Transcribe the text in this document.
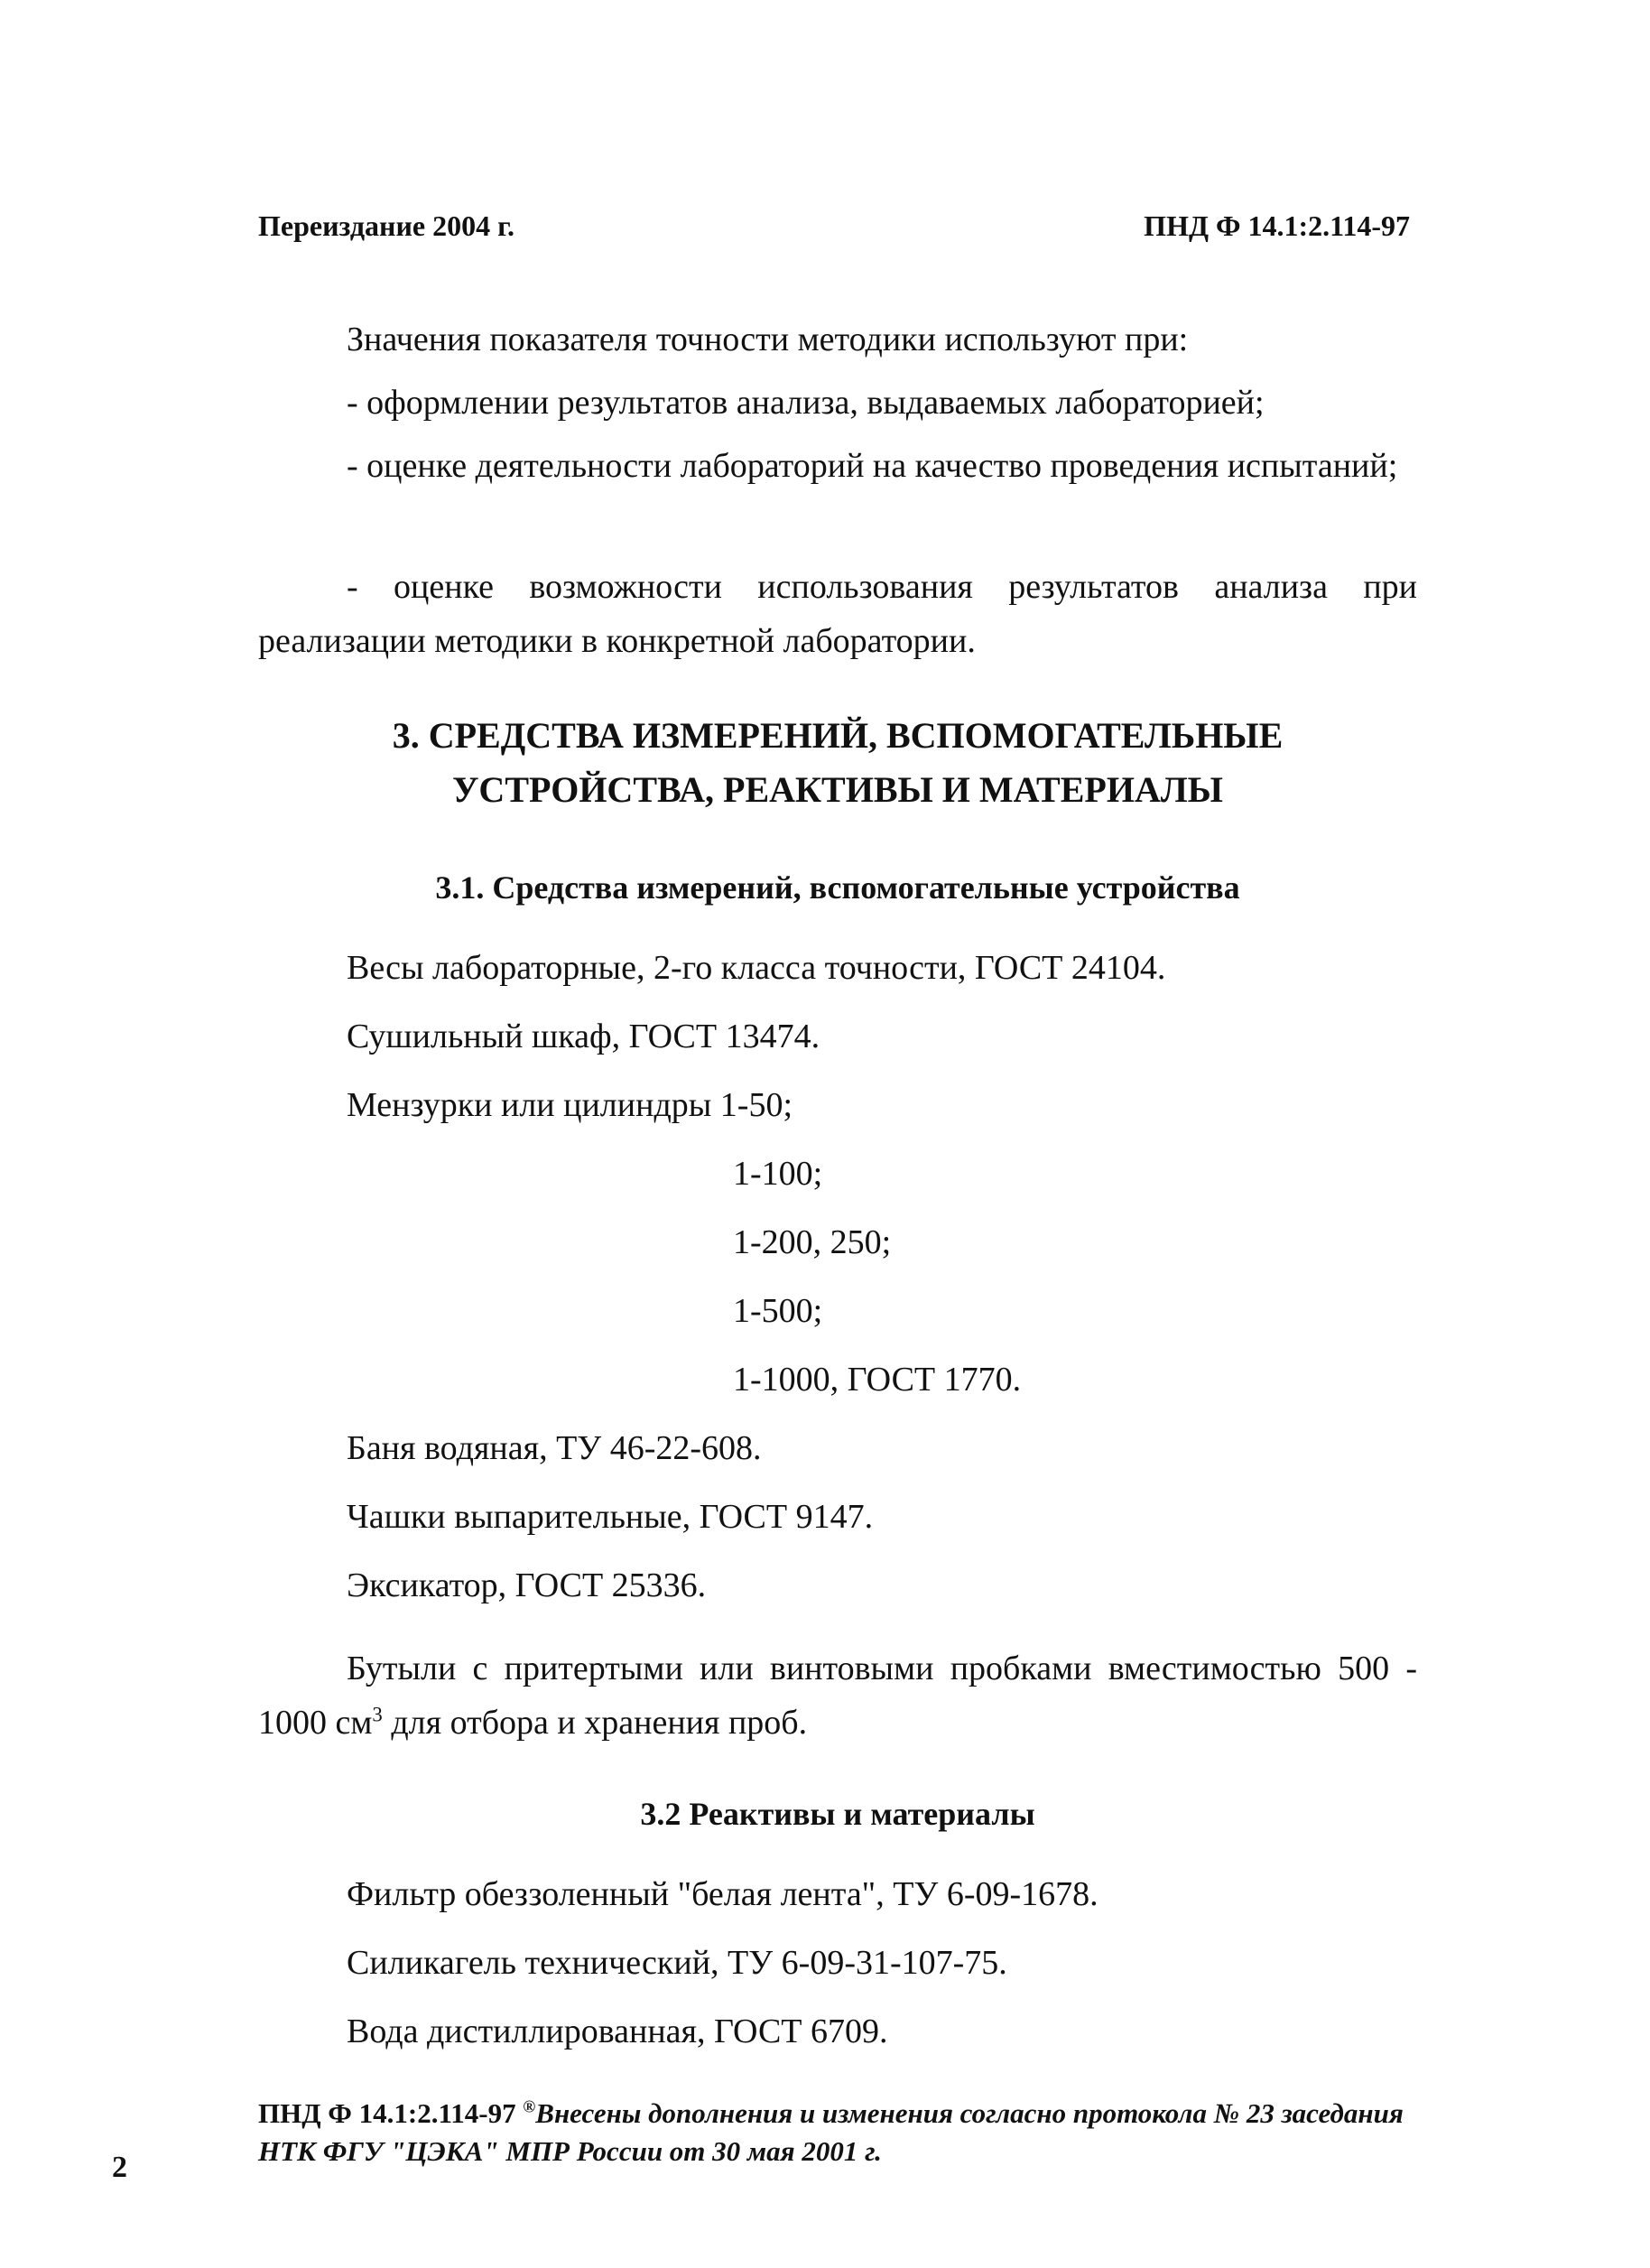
Переиздание 2004 г.	ПНД Ф 14.1:2.114-97
Значения показателя точности методики используют при:
- оформлении результатов анализа, выдаваемых лабораторией;
- оценке деятельности лабораторий на качество проведения испытаний;
- оценке возможности использования результатов анализа при реализации методики в конкретной лаборатории.
3. СРЕДСТВА ИЗМЕРЕНИЙ, ВСПОМОГАТЕЛЬНЫЕ
УСТРОЙСТВА, РЕАКТИВЫ И МАТЕРИАЛЫ
3.1. Средства измерений, вспомогательные устройства
Весы лабораторные, 2-го класса точности, ГОСТ 24104.
Сушильный шкаф, ГОСТ 13474.
Мензурки или цилиндры 1-50;
1-100;
1-200, 250;
1-500;
1-1000, ГОСТ 1770.
Баня водяная, ТУ 46-22-608.
Чашки выпарительные, ГОСТ 9147.
Эксикатор, ГОСТ 25336.
Бутыли с притертыми или винтовыми пробками вместимостью 500 - 1000 $см^3$ для отбора и хранения проб.
3.2 Реактивы и материалы
Фильтр обеззоленный "белая лента", ТУ 6-09-1678.
Силикагель технический, ТУ 6-09-31-107-75.
Вода дистиллированная, ГОСТ 6709.
ПНД Ф 14.1:2.114-97 ®Внесены дополнения и изменения согласно протокола № 23 заседания НТК ФГУ "ЦЭКА" МПР России от 30 мая 2001 г.
2
